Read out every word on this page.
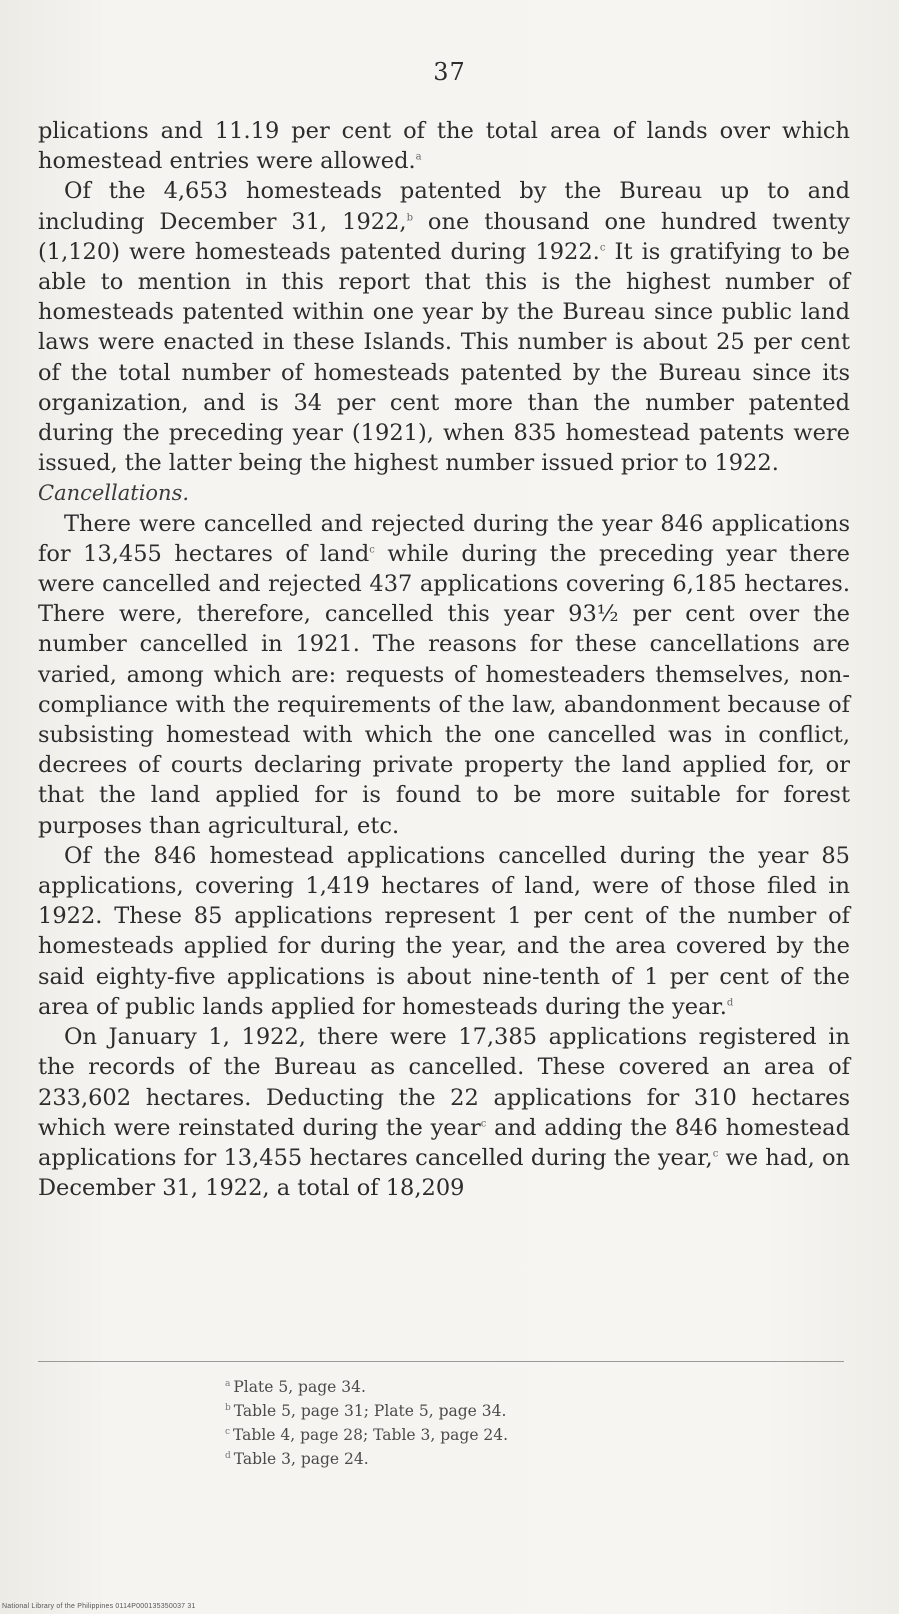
37

plications and 11.19 per cent of the total area of lands over which homestead entries were allowed.$^a$

Of the 4,653 homesteads patented by the Bureau up to and including December 31, 1922,$^b$ one thousand one hundred twenty (1,120) were homesteads patented during 1922.$^c$ It is gratifying to be able to mention in this report that this is the highest number of homesteads patented within one year by the Bureau since public land laws were enacted in these Islands. This number is about 25 per cent of the total number of homesteads patented by the Bureau since its organization, and is 34 per cent more than the number patented during the preceding year (1921), when 835 homestead patents were issued, the latter being the highest number issued prior to 1922.

Cancellations.

There were cancelled and rejected during the year 846 applications for 13,455 hectares of land$^c$ while during the preceding year there were cancelled and rejected 437 applications covering 6,185 hectares. There were, therefore, cancelled this year 93½ per cent over the number cancelled in 1921. The reasons for these cancellations are varied, among which are: requests of homesteaders themselves, non-compliance with the requirements of the law, abandonment because of subsisting homestead with which the one cancelled was in conflict, decrees of courts declaring private property the land applied for, or that the land applied for is found to be more suitable for forest purposes than agricultural, etc.

Of the 846 homestead applications cancelled during the year 85 applications, covering 1,419 hectares of land, were of those filed in 1922. These 85 applications represent 1 per cent of the number of homesteads applied for during the year, and the area covered by the said eighty-five applications is about nine-tenth of 1 per cent of the area of public lands applied for homesteads during the year.$^d$

On January 1, 1922, there were 17,385 applications registered in the records of the Bureau as cancelled. These covered an area of 233,602 hectares. Deducting the 22 applications for 310 hectares which were reinstated during the year$^c$ and adding the 846 homestead applications for 13,455 hectares cancelled during the year,$^c$ we had, on December 31, 1922, a total of 18,209

$^a$ Plate 5, page 34.
$^b$ Table 5, page 31; Plate 5, page 34.
$^c$ Table 4, page 28; Table 3, page 24.
$^d$ Table 3, page 24.
National Library of the Philippines 0114P000135350037 31
